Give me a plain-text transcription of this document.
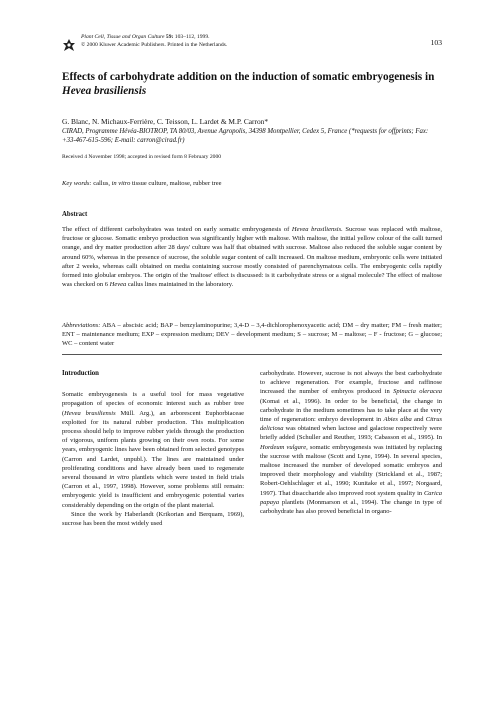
Plant Cell, Tissue and Organ Culture 59: 103–112, 1999.
© 2000 Kluwer Academic Publishers. Printed in the Netherlands.	103
Effects of carbohydrate addition on the induction of somatic embryogenesis in Hevea brasiliensis
G. Blanc, N. Michaux-Ferrière, C. Teisson, L. Lardet & M.P. Carron*
CIRAD, Programme Hévéa-BIOTROP, TA 80/03, Avenue Agropolis, 34398 Montpellier, Cedex 5, France (*requests for offprints; Fax: +33-467-615-596; E-mail: carron@cirad.fr)
Received 4 November 1998; accepted in revised form 8 February 2000
Key words: callus, in vitro tissue culture, maltose, rubber tree
Abstract
The effect of different carbohydrates was tested on early somatic embryogenesis of Hevea brasiliensis. Sucrose was replaced with maltose, fructose or glucose. Somatic embryo production was significantly higher with maltose. With maltose, the initial yellow colour of the calli turned orange, and dry matter production after 28 days' culture was half that obtained with sucrose. Maltose also reduced the soluble sugar content by around 60%, whereas in the presence of sucrose, the soluble sugar content of calli increased. On maltose medium, embryonic cells were initiated after 2 weeks, whereas calli obtained on media containing sucrose mostly consisted of parenchymatous cells. The embryogenic cells rapidly formed into globular embryos. The origin of the 'maltose' effect is discussed: is it carbohydrate stress or a signal molecule? The effect of maltose was checked on 6 Hevea callus lines maintained in the laboratory.
Abbreviations: ABA – abscisic acid; BAP – benzylaminopurine; 3,4-D – 3,4-dichlorophenoxyacetic acid; DM – dry matter; FM – fresh matter; ENT – maintenance medium; EXP – expression medium; DEV – development medium; S – sucrose; M – maltose; – F - fructose; G – glucose; WC – content water
Introduction

Somatic embryogenesis is a useful tool for mass vegetative propagation of species of economic interest such as rubber tree (Hevea brasiliensis Müll. Arg.), an arborescent Euphorbiaceae exploited for its natural rubber production. This multiplication process should help to improve rubber yields through the production of vigorous, uniform plants growing on their own roots. For some years, embryogenic lines have been obtained from selected genotypes (Carron and Lardet, unpubl.). The lines are maintained under proliferating conditions and have already been used to regenerate several thousand in vitro plantlets which were tested in field trials (Carron et al., 1997, 1998). However, some problems still remain: embryogenic yield is insufficient and embryogenic potential varies considerably depending on the origin of the plant material.

Since the work by Haberlandt (Krikorian and Berquam, 1969), sucrose has been the most widely used

carbohydrate. However, sucrose is not always the best carbohydrate to achieve regeneration. For example, fructose and raffinose increased the number of embryos produced in Spinacia oleracea (Komai et al., 1996). In order to be beneficial, the change in carbohydrate in the medium sometimes has to take place at the very time of regeneration: embryo development in Abies alba and Citrus deliciosa was obtained when lactose and galactose respectively were briefly added (Schuller and Reuther, 1993; Cabasson et al., 1995). In Hordeum vulgare, somatic embryogenesis was initiated by replacing the sucrose with maltose (Scott and Lyne, 1994). In several species, maltose increased the number of developed somatic embryos and improved their morphology and viability (Strickland et al., 1987; Robert-Oehlschlager et al., 1990; Kunitake et al., 1997; Norgaard, 1997). That disaccharide also improved root system quality in Carica papaya plantlets (Monmarson et al., 1994). The change in type of carbohydrate has also proved beneficial in organo-
